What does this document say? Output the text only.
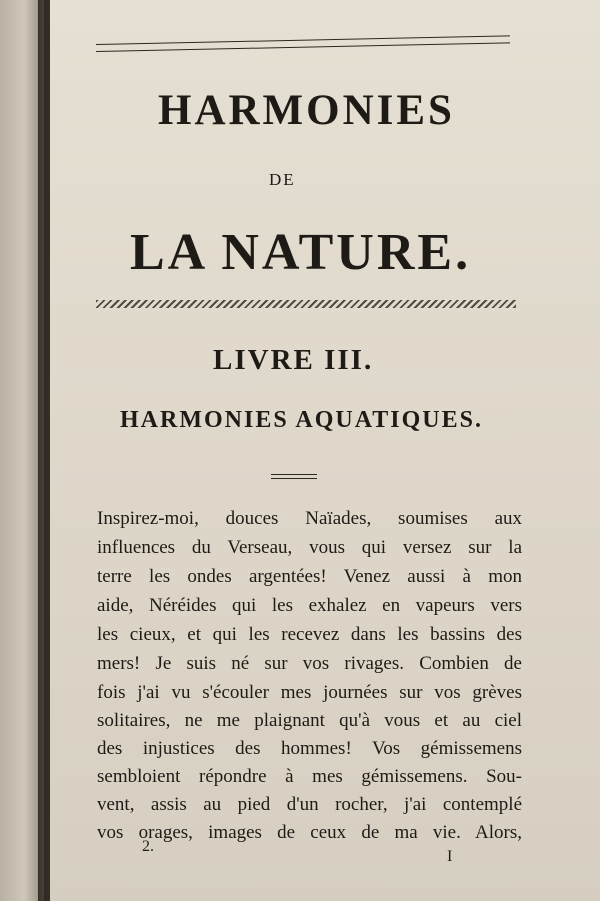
HARMONIES
DE
LA NATURE.
LIVRE III.
HARMONIES AQUATIQUES.

Inspirez-moi, douces Naïades, soumises aux

influences du Verseau, vous qui versez sur la

terre les ondes argentées! Venez aussi à mon

aide, Néréides qui les exhalez en vapeurs vers

les cieux, et qui les recevez dans les bassins des

mers! Je suis né sur vos rivages. Combien de

fois j'ai vu s'écouler mes journées sur vos grèves

solitaires, ne me plaignant qu'à vous et au ciel

des injustices des hommes! Vos gémissemens

sembloient répondre à mes gémissemens. Sou-

vent, assis au pied d'un rocher, j'ai contemplé

vos orages, images de ceux de ma vie. Alors,

2.
I
